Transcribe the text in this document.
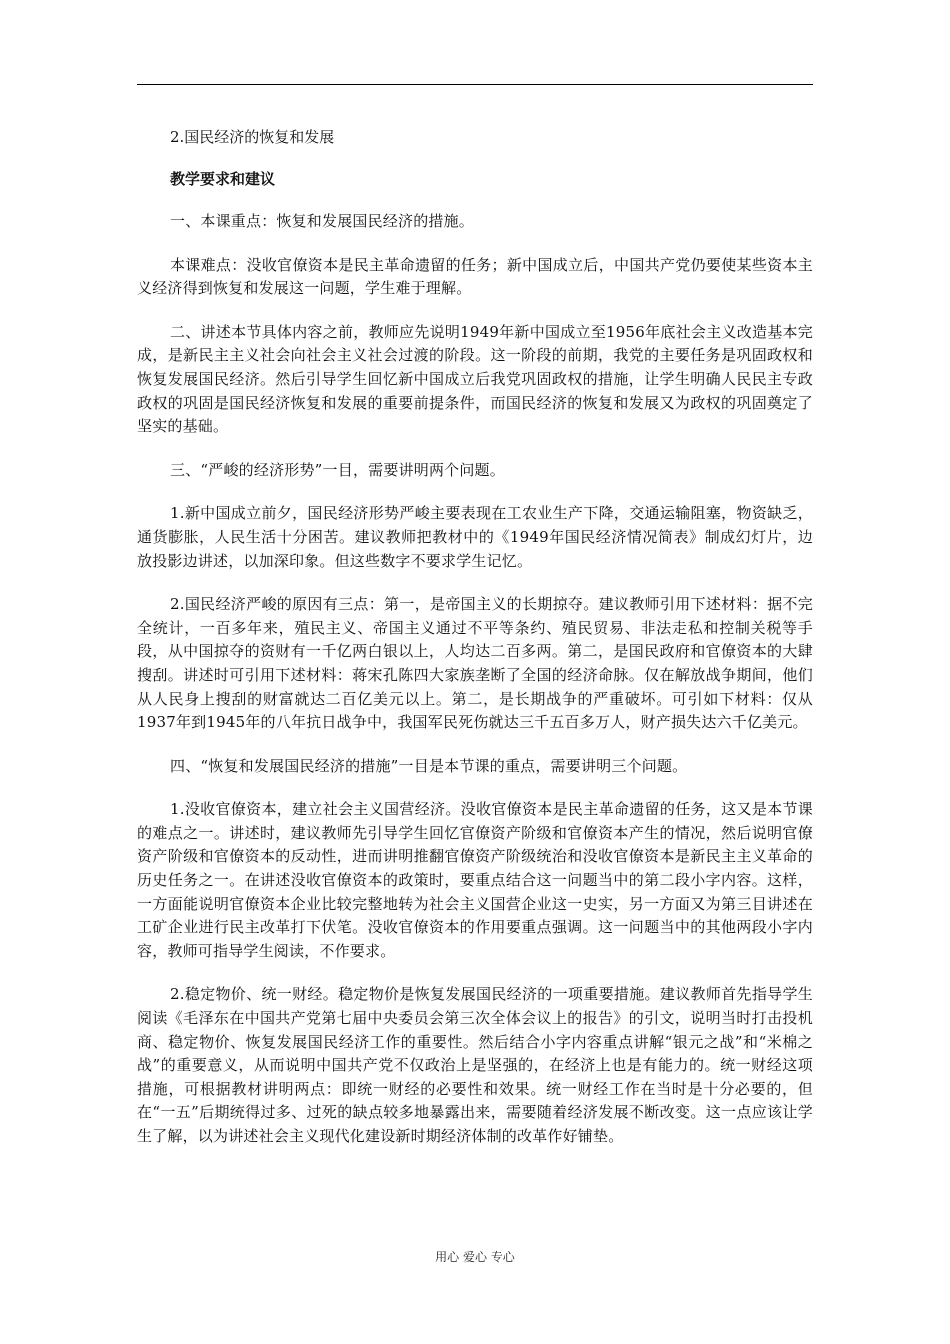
2.国民经济的恢复和发展
教学要求和建议

一、本课重点：恢复和发展国民经济的措施。

本课难点：没收官僚资本是民主革命遗留的任务；新中国成立后，中国共产党仍要使某些资本主义经济得到恢复和发展这一问题，学生难于理解。

二、讲述本节具体内容之前，教师应先说明1949年新中国成立至1956年底社会主义改造基本完成，是新民主主义社会向社会主义社会过渡的阶段。这一阶段的前期，我党的主要任务是巩固政权和恢复发展国民经济。然后引导学生回忆新中国成立后我党巩固政权的措施，让学生明确人民民主专政政权的巩固是国民经济恢复和发展的重要前提条件，而国民经济的恢复和发展又为政权的巩固奠定了坚实的基础。

三、“严峻的经济形势”一目，需要讲明两个问题。

1.新中国成立前夕，国民经济形势严峻主要表现在工农业生产下降，交通运输阻塞，物资缺乏，通货膨胀，人民生活十分困苦。建议教师把教材中的《1949年国民经济情况简表》制成幻灯片，边放投影边讲述，以加深印象。但这些数字不要求学生记忆。

2.国民经济严峻的原因有三点：第一，是帝国主义的长期掠夺。建议教师引用下述材料：据不完全统计，一百多年来，殖民主义、帝国主义通过不平等条约、殖民贸易、非法走私和控制关税等手段，从中国掠夺的资财有一千亿两白银以上，人均达二百多两。第二，是国民政府和官僚资本的大肆搜刮。讲述时可引用下述材料：蒋宋孔陈四大家族垄断了全国的经济命脉。仅在解放战争期间，他们从人民身上搜刮的财富就达二百亿美元以上。第二，是长期战争的严重破坏。可引如下材料：仅从1937年到1945年的八年抗日战争中，我国军民死伤就达三千五百多万人，财产损失达六千亿美元。

四、“恢复和发展国民经济的措施”一目是本节课的重点，需要讲明三个问题。

1.没收官僚资本，建立社会主义国营经济。没收官僚资本是民主革命遗留的任务，这又是本节课的难点之一。讲述时，建议教师先引导学生回忆官僚资产阶级和官僚资本产生的情况，然后说明官僚资产阶级和官僚资本的反动性，进而讲明推翻官僚资产阶级统治和没收官僚资本是新民主主义革命的历史任务之一。在讲述没收官僚资本的政策时，要重点结合这一问题当中的第二段小字内容。这样，一方面能说明官僚资本企业比较完整地转为社会主义国营企业这一史实，另一方面又为第三目讲述在工矿企业进行民主改革打下伏笔。没收官僚资本的作用要重点强调。这一问题当中的其他两段小字内容，教师可指导学生阅读，不作要求。

2.稳定物价、统一财经。稳定物价是恢复发展国民经济的一项重要措施。建议教师首先指导学生阅读《毛泽东在中国共产党第七届中央委员会第三次全体会议上的报告》的引文，说明当时打击投机商、稳定物价、恢复发展国民经济工作的重要性。然后结合小字内容重点讲解“银元之战”和“米棉之战”的重要意义，从而说明中国共产党不仅政治上是坚强的，在经济上也是有能力的。统一财经这项措施，可根据教材讲明两点：即统一财经的必要性和效果。统一财经工作在当时是十分必要的，但在“一五”后期统得过多、过死的缺点较多地暴露出来，需要随着经济发展不断改变。这一点应该让学生了解，以为讲述社会主义现代化建设新时期经济体制的改革作好铺垫。

用心 爱心 专心
